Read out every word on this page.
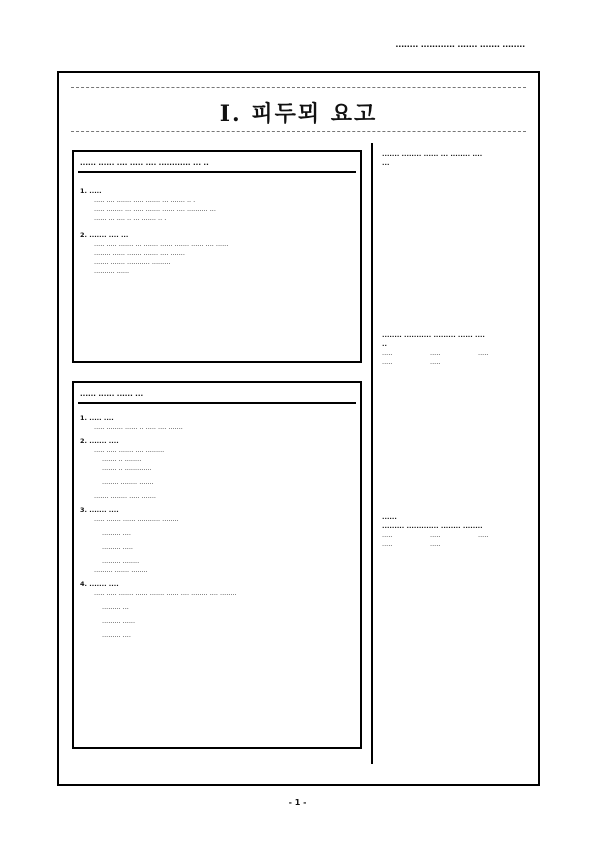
........ ............ ....... ....... ........
I. 피두뫼 요고
...... ...... .... ..... .... ............ ... ..
1. .....
..... .... ....... ..... ....... ... ....... .. .
..... ........ ... ..... ....... ...... .... .......... ...
...... ... .... .. ... ....... .. .
2. ....... .... ...
..... ..... ....... ... ....... ...... ....... ...... .... ......
........ ...... ....... ....... .... .......
....... ....... ........... .........
.......... ......
...... ...... ...... ...
1. ..... ....
..... ........ ...... .. ..... .... .......
2. ....... ....
..... ..... ....... .... .........
....... .. ........
....... .. .............
........ ........ .......
....... ........ ..... .......
3. ....... ....
..... ....... ...... ........... ........
......... ....
......... .....
......... ........
......... ....... ........
4. ....... ....
..... ..... ....... ...... ....... ...... .... ........ .... ........
......... ...
......... ......
......... ....
....... ........ ...... ... ........ ....
...
........ ........... ......... ...... ....
..
.....	.....	.....
.....	.....
......
......... ............. ........ ........
.....	.....	.....
.....	.....
- 1 -
